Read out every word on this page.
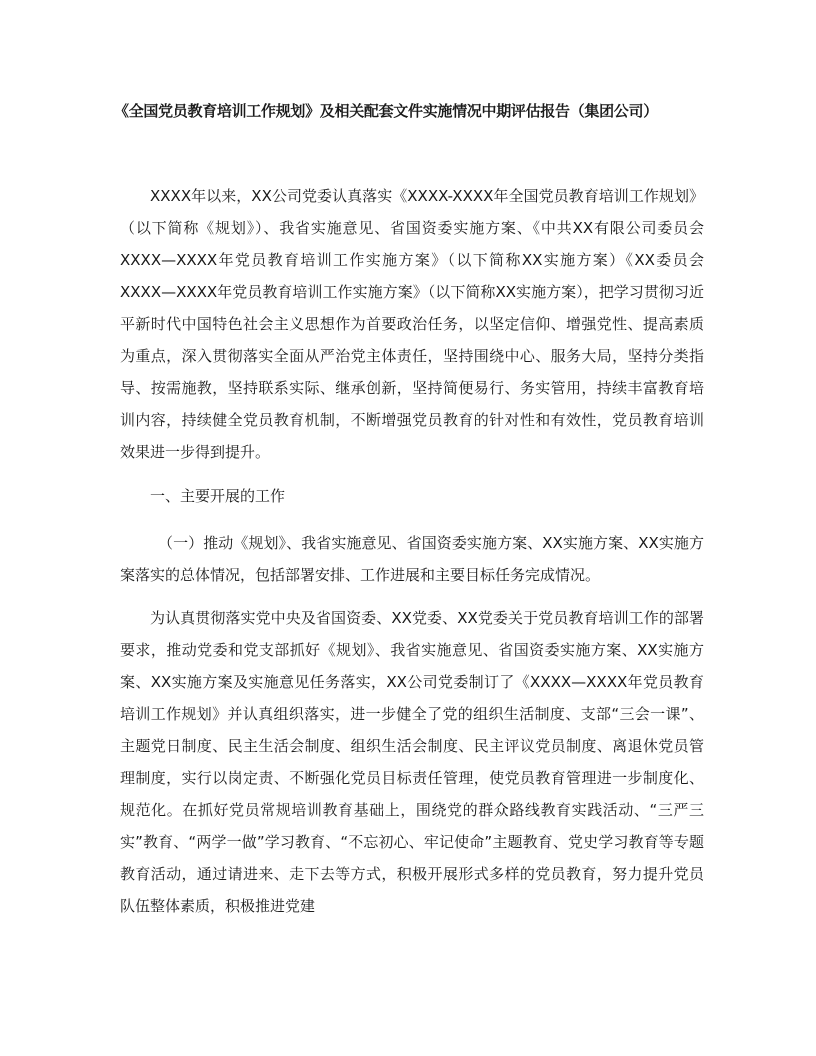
《全国党员教育培训工作规划》及相关配套文件实施情况中期评估报告（集团公司）

XXXX年以来，XX公司党委认真落实《XXXX-XXXX年全国党员教育培训工作规划》（以下简称《规划》）、我省实施意见、省国资委实施方案、《中共XX有限公司委员会XXXX—XXXX年党员教育培训工作实施方案》（以下简称XX实施方案）《XX委员会XXXX—XXXX年党员教育培训工作实施方案》（以下简称XX实施方案），把学习贯彻习近平新时代中国特色社会主义思想作为首要政治任务，以坚定信仰、增强党性、提高素质为重点，深入贯彻落实全面从严治党主体责任，坚持围绕中心、服务大局，坚持分类指导、按需施教，坚持联系实际、继承创新，坚持简便易行、务实管用，持续丰富教育培训内容，持续健全党员教育机制，不断增强党员教育的针对性和有效性，党员教育培训效果进一步得到提升。

一、主要开展的工作

（一）推动《规划》、我省实施意见、省国资委实施方案、XX实施方案、XX实施方案落实的总体情况，包括部署安排、工作进展和主要目标任务完成情况。

为认真贯彻落实党中央及省国资委、XX党委、XX党委关于党员教育培训工作的部署要求，推动党委和党支部抓好《规划》、我省实施意见、省国资委实施方案、XX实施方案、XX实施方案及实施意见任务落实，XX公司党委制订了《XXXX—XXXX年党员教育培训工作规划》并认真组织落实，进一步健全了党的组织生活制度、支部“三会一课”、主题党日制度、民主生活会制度、组织生活会制度、民主评议党员制度、离退休党员管理制度，实行以岗定责、不断强化党员目标责任管理，使党员教育管理进一步制度化、规范化。在抓好党员常规培训教育基础上，围绕党的群众路线教育实践活动、“三严三实”教育、“两学一做”学习教育、“不忘初心、牢记使命”主题教育、党史学习教育等专题教育活动，通过请进来、走下去等方式，积极开展形式多样的党员教育，努力提升党员队伍整体素质，积极推进党建
